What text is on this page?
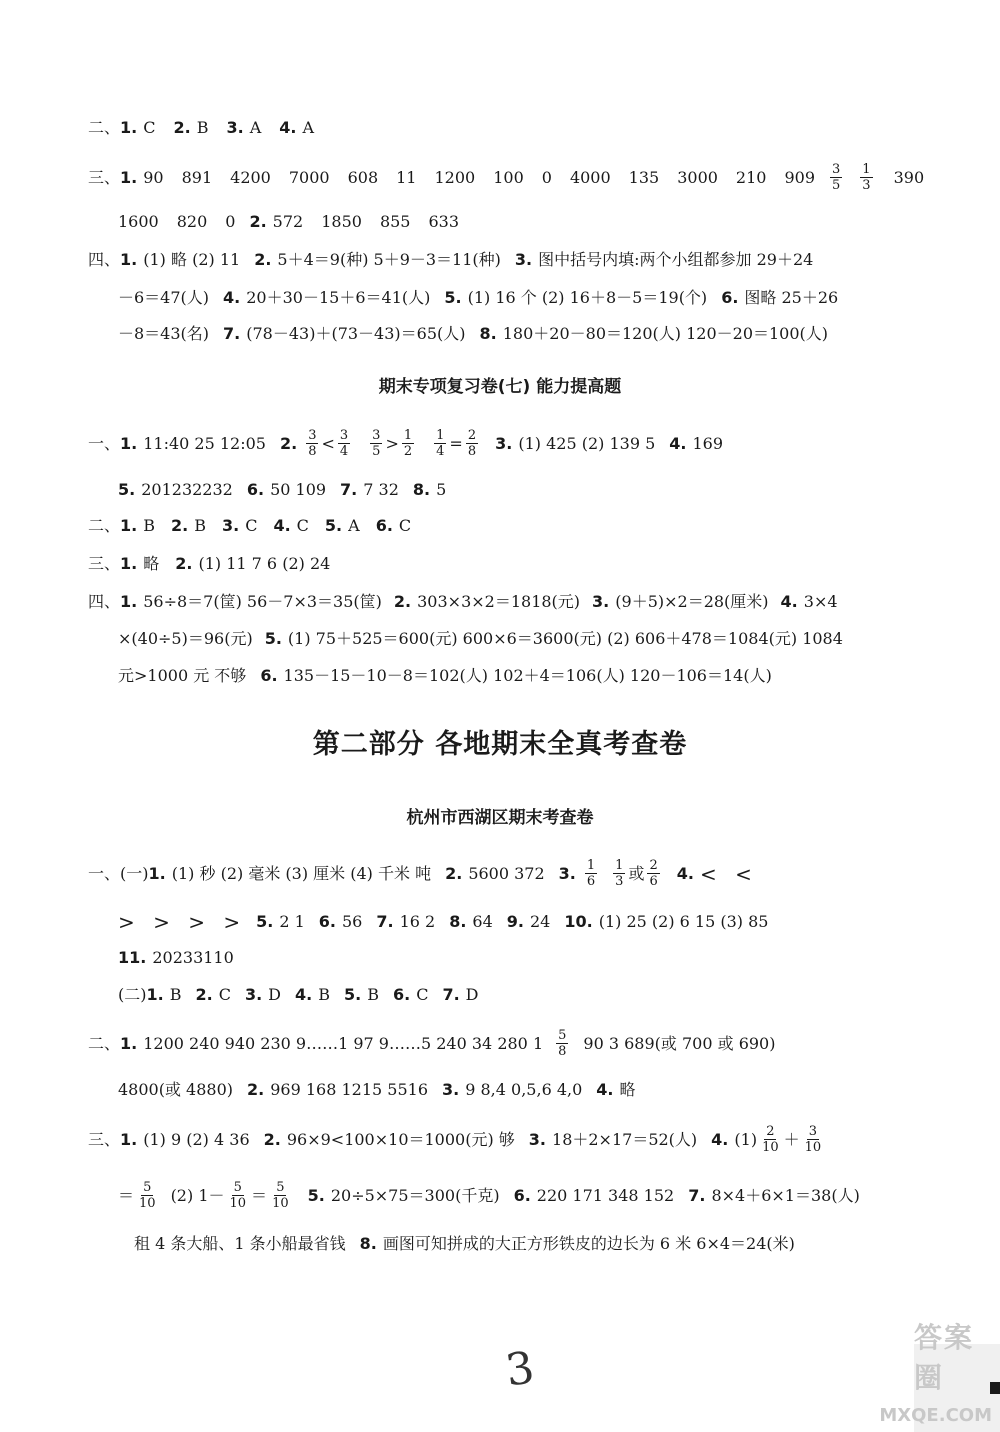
二、 1. C 2. B 3. A 4. A
三、 1. 90 891 4200 7000 608 11 1200 100 0 4000 135 3000 210 $909 \frac{3}{5} \frac{1}{3} 390$
1600 820 0 2. 572 1850 855 633
四、 1. (1) 略 (2) 11 2. 5＋4＝9(种) 5＋9－3＝11(种) 3. 图中括号内填:两个小组都参加 29＋24
－6＝47(人) 4. 20＋30－15＋6＝41(人) 5. (1) 16 个 (2) 16＋8－5＝19(个) 6. 图略 25＋26
－8＝43(名) 7. (78－43)＋(73－43)＝65(人) 8. 180＋20－80＝120(人) 120－20＝100(人)
期末专项复习卷(七) 能力提高题
一、 1. 11:40 25 12:05 2. $\frac{3}{8} < \frac{3}{4} \frac{3}{5} > \frac{1}{2} \frac{1}{4} = \frac{2}{8} 3$. (1) 425 (2) 139 5 4. 169
5. 201232232 6. 50 109 7. 7 32 8. 5
二、 1. B 2. B 3. C 4. C 5. A 6. C
三、 1. 略 2. (1) 11 7 6 (2) 24
四、 1. 56÷8＝7(筐) 56－7×3＝35(筐) 2. 303×3×2＝1818(元) 3. (9＋5)×2＝28(厘米) 4. 3×4
×(40÷5)＝96(元) 5. (1) 75＋525＝600(元) 600×6＝3600(元) (2) 606＋478＝1084(元) 1084
元>1000 元 不够 6. 135－15－10－8＝102(人) 102＋4＝106(人) 120－106＝14(人)
第二部分 各地期末全真考查卷
杭州市西湖区期末考查卷
一、 (一) 1. (1) 秒 (2) 毫米 (3) 厘米 (4) 千米 吨 2. 5600 372 3. $\frac{1}{6} \frac{1}{3}$ 或 $\frac{2}{6} 4$. < <
> > > > 5. 2 1 6. 56 7. 16 2 8. 64 9. 24 10. (1) 25 (2) 6 15 (3) 85
11. 20233110
(二) 1. B 2. C 3. D 4. B 5. B 6. C 7. D
二、 1. 1200 240 940 230 9……1 97 9……5 240 34 280 $1 \frac{5}{8} 90$ 3 689(或 700 或 690)
4800(或 4880) 2. 969 168 1215 5516 3. 9 8,4 0,5,6 4,0 4. 略
三、 1. (1) 9 (2) 4 36 2. 96×9<100×10＝1000(元) 够 3. 18＋2×17＝52(人) 4. $(1) \frac{2}{10} + \frac{3}{10}$
＝ $\frac{5}{10} (2)$ $1- \frac{5}{10} = \frac{5}{10} 5$. 20÷5×75＝300(千克) 6. 220 171 348 152 7. 8×4＋6×1＝38(人)
租 4 条大船、1 条小船最省钱 8. 画图可知拼成的大正方形铁皮的边长为 6 米 6×4＝24(米)
3
答案圈
MXQE.COM
